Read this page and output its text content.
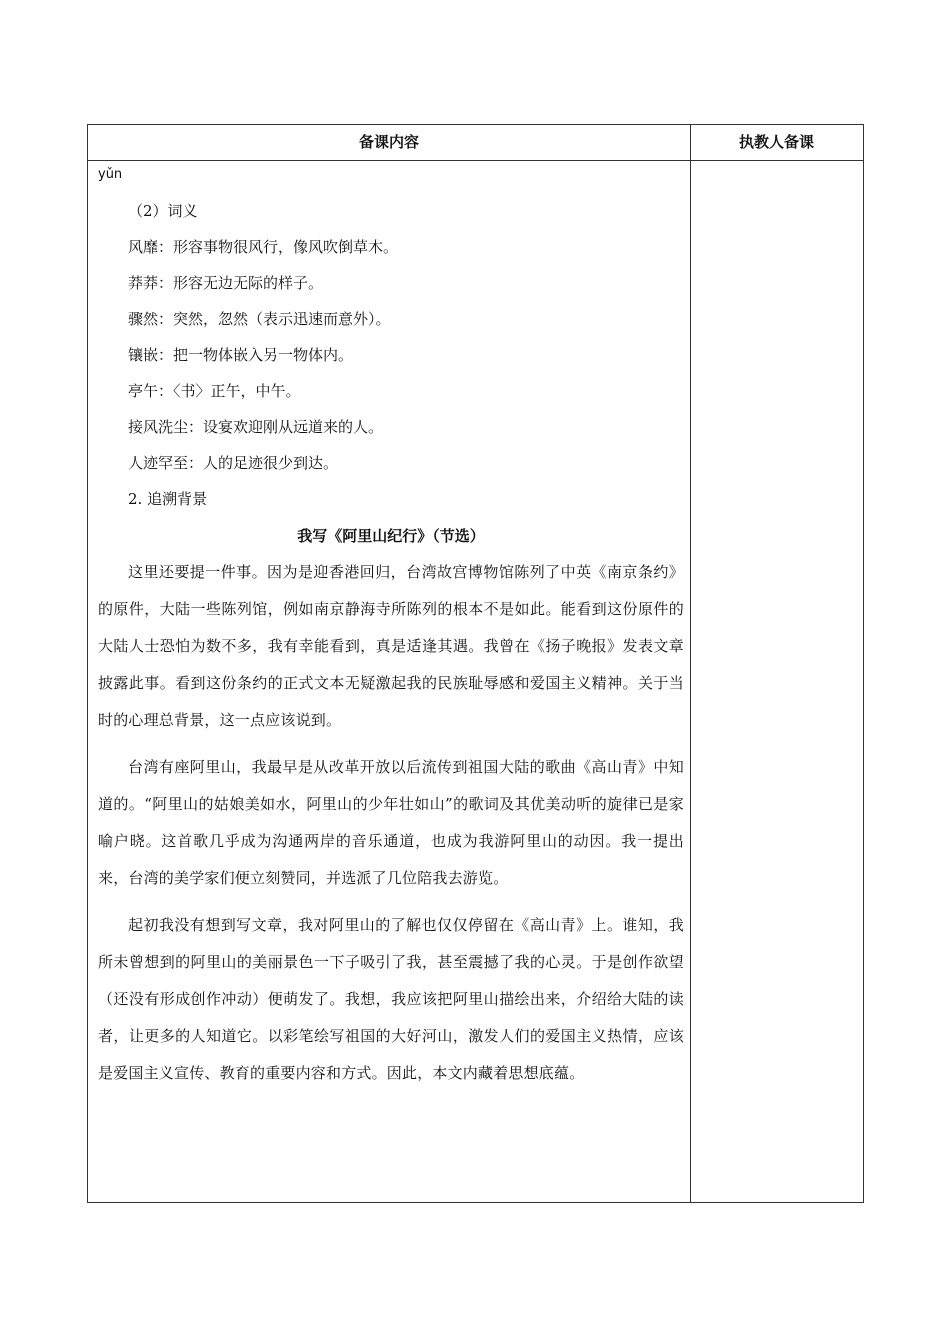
备课内容	执教人备课
yǔn
（2）词义
风靡：形容事物很风行，像风吹倒草木。
莽莽：形容无边无际的样子。
骤然：突然，忽然（表示迅速而意外）。
镶嵌：把一物体嵌入另一物体内。
亭午：〈书〉正午，中午。
接风洗尘：设宴欢迎刚从远道来的人。
人迹罕至：人的足迹很少到达。
2. 追溯背景
我写《阿里山纪行》（节选）

这里还要提一件事。因为是迎香港回归，台湾故宫博物馆陈列了中英《南京条约》的原件，大陆一些陈列馆，例如南京静海寺所陈列的根本不是如此。能看到这份原件的大陆人士恐怕为数不多，我有幸能看到，真是适逢其遇。我曾在《扬子晚报》发表文章披露此事。看到这份条约的正式文本无疑激起我的民族耻辱感和爱国主义精神。关于当时的心理总背景，这一点应该说到。

台湾有座阿里山，我最早是从改革开放以后流传到祖国大陆的歌曲《高山青》中知道的。“阿里山的姑娘美如水，阿里山的少年壮如山”的歌词及其优美动听的旋律已是家喻户晓。这首歌几乎成为沟通两岸的音乐通道，也成为我游阿里山的动因。我一提出来，台湾的美学家们便立刻赞同，并选派了几位陪我去游览。

起初我没有想到写文章，我对阿里山的了解也仅仅停留在《高山青》上。谁知，我所未曾想到的阿里山的美丽景色一下子吸引了我，甚至震撼了我的心灵。于是创作欲望（还没有形成创作冲动）便萌发了。我想，我应该把阿里山描绘出来，介绍给大陆的读者，让更多的人知道它。以彩笔绘写祖国的大好河山，激发人们的爱国主义热情，应该是爱国主义宣传、教育的重要内容和方式。因此，本文内藏着思想底蕴。
